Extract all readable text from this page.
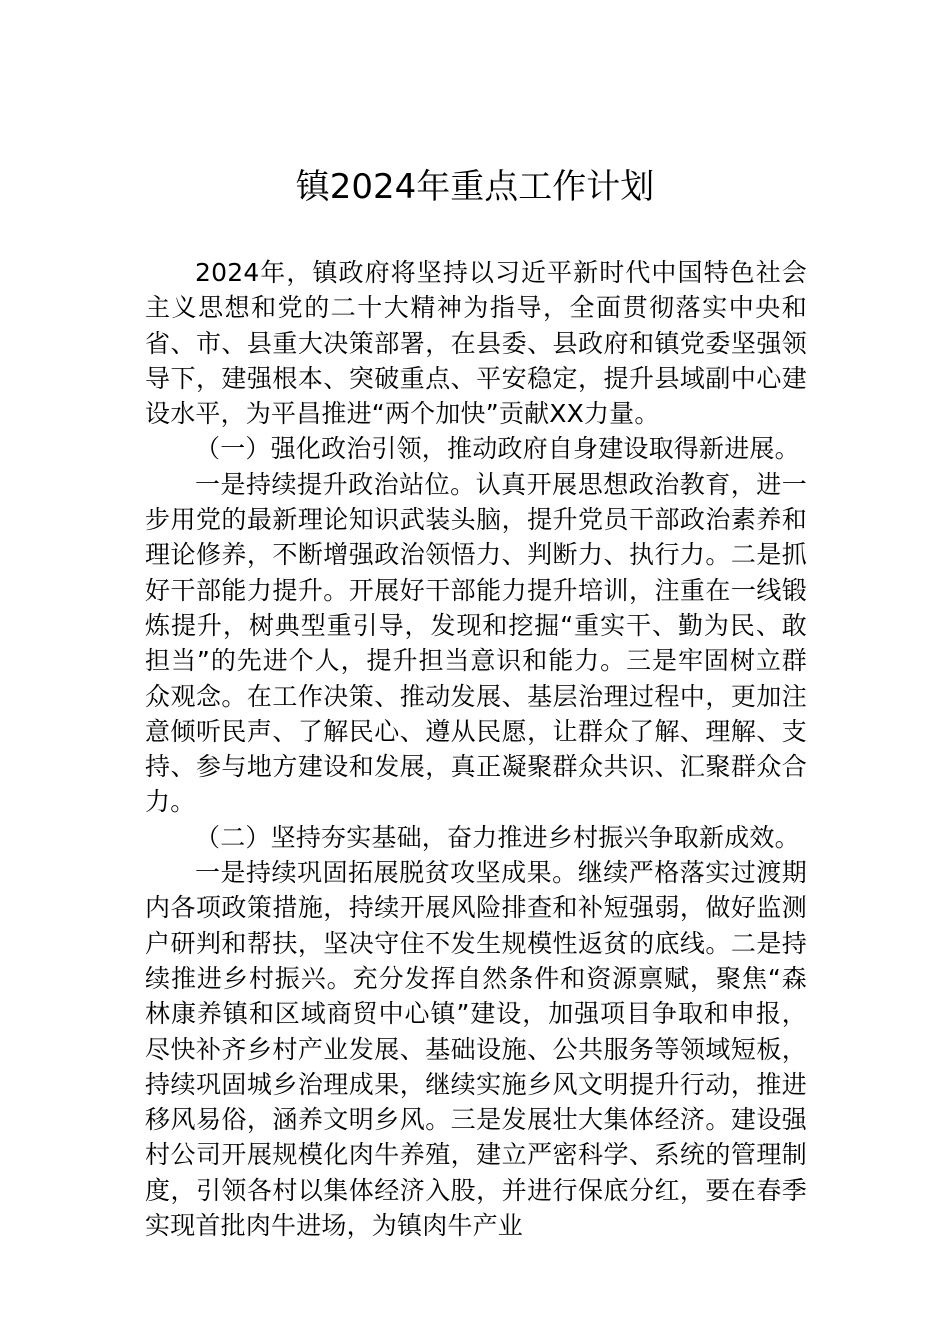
镇2024年重点工作计划

2024年，镇政府将坚持以习近平新时代中国特色社会主义思想和党的二十大精神为指导，全面贯彻落实中央和省、市、县重大决策部署，在县委、县政府和镇党委坚强领导下，建强根本、突破重点、平安稳定，提升县域副中心建设水平，为平昌推进“两个加快”贡献XX力量。

（一）强化政治引领，推动政府自身建设取得新进展。

一是持续提升政治站位。认真开展思想政治教育，进一步用党的最新理论知识武装头脑，提升党员干部政治素养和理论修养，不断增强政治领悟力、判断力、执行力。二是抓好干部能力提升。开展好干部能力提升培训，注重在一线锻炼提升，树典型重引导，发现和挖掘“重实干、勤为民、敢担当”的先进个人，提升担当意识和能力。三是牢固树立群众观念。在工作决策、推动发展、基层治理过程中，更加注意倾听民声、了解民心、遵从民愿，让群众了解、理解、支持、参与地方建设和发展，真正凝聚群众共识、汇聚群众合力。

（二）坚持夯实基础，奋力推进乡村振兴争取新成效。

一是持续巩固拓展脱贫攻坚成果。继续严格落实过渡期内各项政策措施，持续开展风险排查和补短强弱，做好监测户研判和帮扶，坚决守住不发生规模性返贫的底线。二是持续推进乡村振兴。充分发挥自然条件和资源禀赋，聚焦“森林康养镇和区域商贸中心镇”建设，加强项目争取和申报，尽快补齐乡村产业发展、基础设施、公共服务等领域短板，持续巩固城乡治理成果，继续实施乡风文明提升行动，推进移风易俗，涵养文明乡风。三是发展壮大集体经济。建设强村公司开展规模化肉牛养殖，建立严密科学、系统的管理制度，引领各村以集体经济入股，并进行保底分红，要在春季实现首批肉牛进场，为镇肉牛产业
